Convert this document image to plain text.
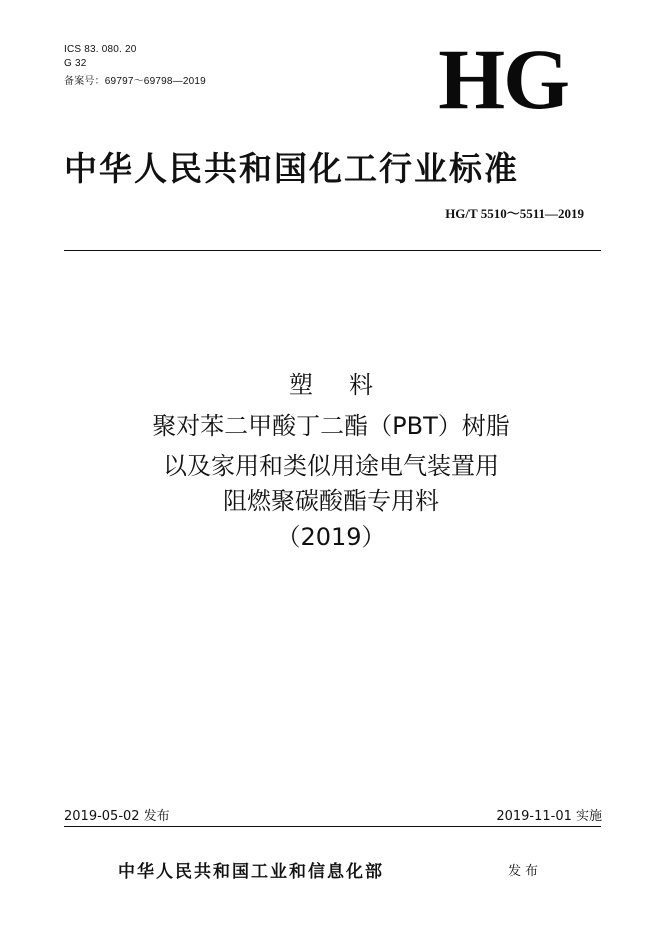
ICS 83. 080. 20
G 32
备案号：69797～69798—2019	HG
中华人民共和国化工行业标准
HG/T 5510～5511—2019
塑料
聚对苯二甲酸丁二酯（PBT）树脂
以及家用和类似用途电气装置用
阻燃聚碳酸酯专用料
（2019）
2019-05-02 发布	2019-11-01 实施
中华人民共和国工业和信息化部	发布
